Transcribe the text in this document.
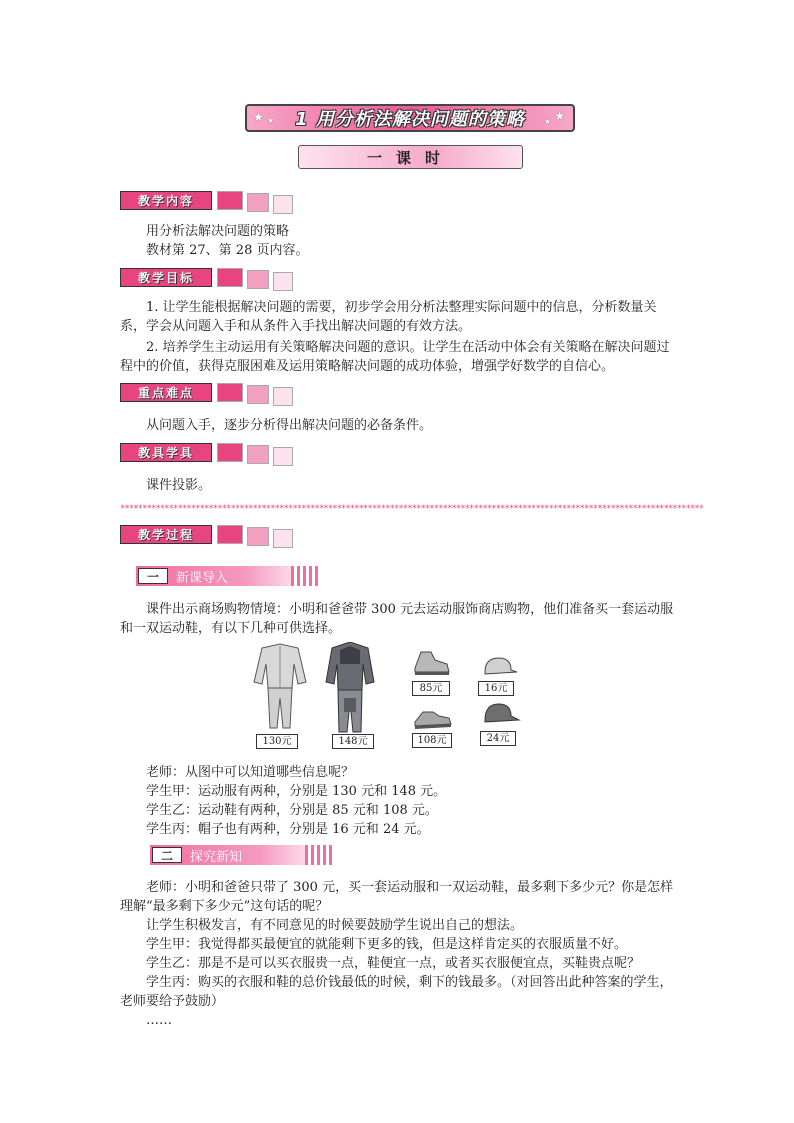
★ ★ 1 用分析法解决问题的策略 ★
★
一课时
教学内容
用分析法解决问题的策略
教材第 27、第 28 页内容。
教学目标
1. 让学生能根据解决问题的需要，初步学会用分析法整理实际问题中的信息，分析数量关系，学会从问题入手和从条件入手找出解决问题的有效方法。
2. 培养学生主动运用有关策略解决问题的意识。让学生在活动中体会有关策略在解决问题过程中的价值，获得克服困难及运用策略解决问题的成功体验，增强学好数学的自信心。
重点难点
从问题入手，逐步分析得出解决问题的必备条件。
教具学具
课件投影。
************************************************************************************************************************************
教学过程
一	新课导入
课件出示商场购物情境：小明和爸爸带 300 元去运动服饰商店购物，他们准备买一套运动服和一双运动鞋，有以下几种可供选择。
130元	148元
85元
108元
16元
24元
老师：从图中可以知道哪些信息呢？
学生甲：运动服有两种，分别是 130 元和 148 元。
学生乙：运动鞋有两种，分别是 85 元和 108 元。
学生丙：帽子也有两种，分别是 16 元和 24 元。
二	探究新知
老师：小明和爸爸只带了 300 元，买一套运动服和一双运动鞋，最多剩下多少元？你是怎样理解“最多剩下多少元”这句话的呢？
让学生积极发言，有不同意见的时候要鼓励学生说出自己的想法。
学生甲：我觉得都买最便宜的就能剩下更多的钱，但是这样肯定买的衣服质量不好。
学生乙：那是不是可以买衣服贵一点，鞋便宜一点，或者买衣服便宜点，买鞋贵点呢？
学生丙：购买的衣服和鞋的总价钱最低的时候，剩下的钱最多。（对回答出此种答案的学生，老师要给予鼓励）
……
